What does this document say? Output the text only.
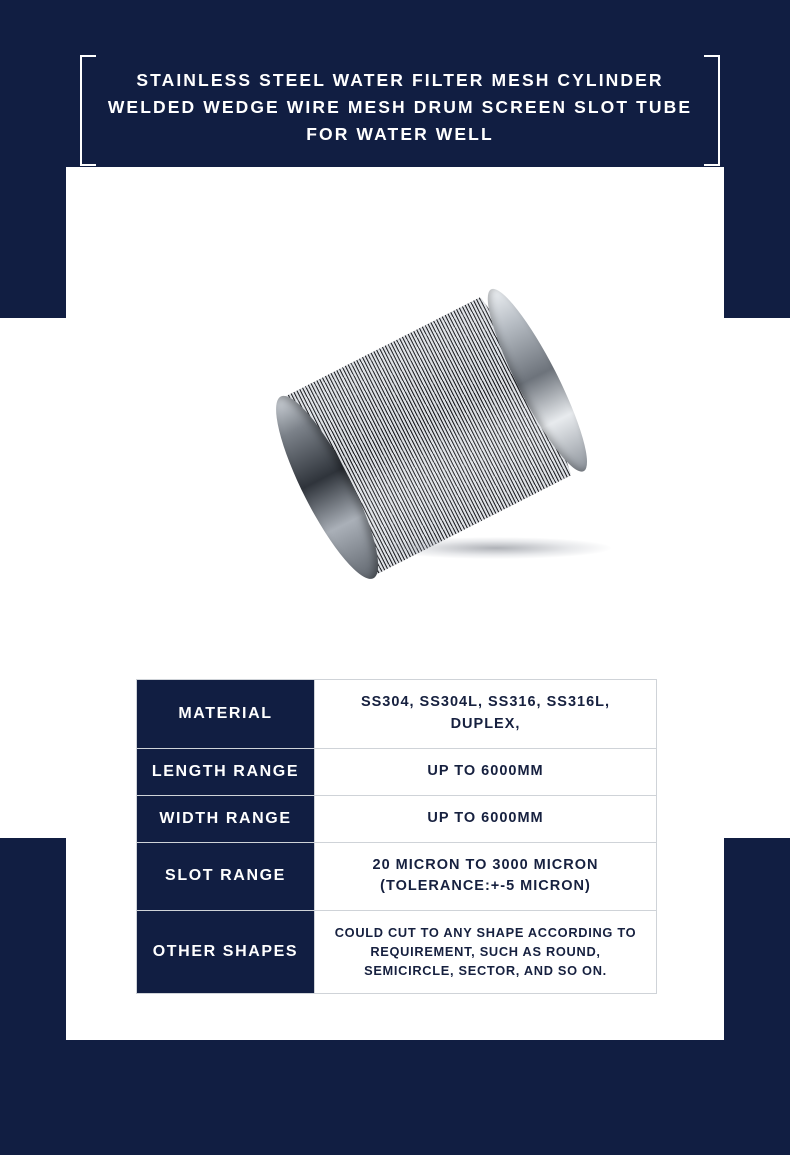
STAINLESS STEEL WATER FILTER MESH CYLINDER WELDED WEDGE WIRE MESH DRUM SCREEN SLOT TUBE FOR WATER WELL
MATERIAL	SS304, SS304L, SS316, SS316L, DUPLEX,
LENGTH RANGE	UP TO 6000MM
WIDTH RANGE	UP TO 6000MM
SLOT RANGE	20 MICRON TO 3000 MICRON (TOLERANCE:+-5 MICRON)
OTHER SHAPES	COULD CUT TO ANY SHAPE ACCORDING TO REQUIREMENT, SUCH AS ROUND, SEMICIRCLE, SECTOR, AND SO ON.
